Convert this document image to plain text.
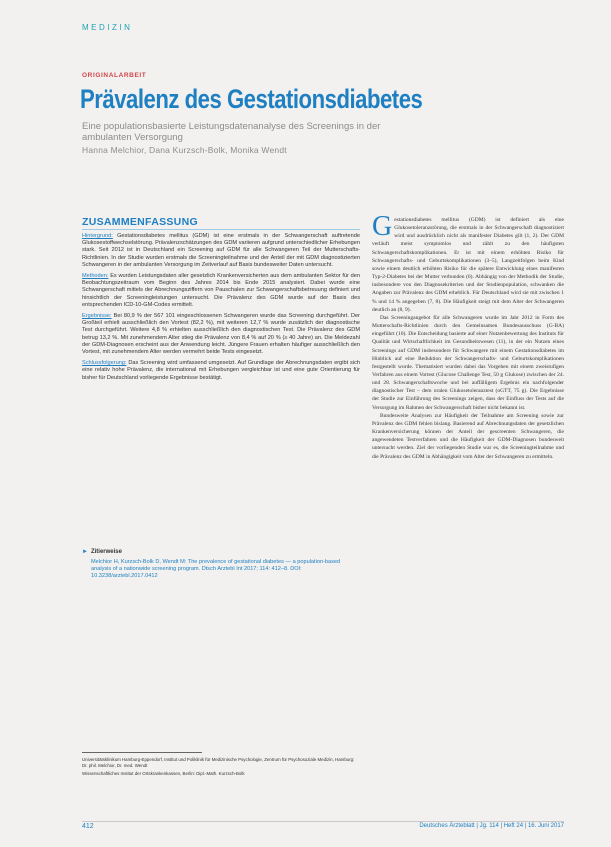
MEDIZIN
ORIGINALARBEIT
Prävalenz des Gestationsdiabetes
Eine populationsbasierte Leistungsdatenanalyse des Screenings in der ambulanten Versorgung
Hanna Melchior, Dana Kurzsch-Bolk, Monika Wendt
ZUSAMMENFASSUNG

Hintergrund: Gestationsdiabetes mellitus (GDM) ist eine erstmals in der Schwangerschaft auftretende Glukosestoffwechselstörung. Prävalenzschätzungen des GDM variieren aufgrund unterschiedlicher Erhebungen stark. Seit 2012 ist in Deutschland ein Screening auf GDM für alle Schwangeren Teil der Mutterschafts-Richtlinien. In der Studie wurden erstmals die Screeningteilnahme und der Anteil der mit GDM diagnostizierten Schwangeren in der ambulanten Versorgung im Zeitverlauf auf Basis bundesweiter Daten untersucht.

Methoden: Es wurden Leistungsdaten aller gesetzlich Krankenversicherten aus dem ambulanten Sektor für den Beobachtungszeitraum vom Beginn des Jahres 2014 bis Ende 2015 analysiert. Dabei wurde eine Schwangerschaft mittels der Abrechnungsziffern von Pauschalen zur Schwangerschaftsbetreuung definiert und hinsichtlich der Screeningleistungen untersucht. Die Prävalenz des GDM wurde auf der Basis des entsprechenden ICD-10-GM-Codes ermittelt.

Ergebnisse: Bei 80,9 % der 567 101 eingeschlossenen Schwangeren wurde das Screening durchgeführt. Der Großteil erhielt ausschließlich den Vortest (82,2 %), mit weiteren 12,7 % wurde zusätzlich der diagnostische Test durchgeführt. Weitere 4,8 % erhielten ausschließlich den diagnostischen Test. Die Prävalenz des GDM betrug 13,2 %. Mit zunehmendem Alter stieg die Prävalenz von 8,4 % auf 20 % (≥ 40 Jahre) an. Die Meldezahl der GDM-Diagnosen erscheint aus der Anwendung leicht. Jüngere Frauen erhalten häufiger ausschließlich den Vortest, mit zunehmendem Alter werden vermehrt beide Tests eingesetzt.

Schlussfolgerung: Das Screening wird umfassend umgesetzt. Auf Grundlage der Abrechnungsdaten ergibt sich eine relativ hohe Prävalenz, die international mit Erhebungen vergleichbar ist und eine gute Orientierung für bisher für Deutschland vorliegende Ergebnisse bestätigt.

► Zitierweise
Melchior H, Kurzsch-Bolk D, Wendt M: The prevalence of gestational diabetes — a population-based analysis of a nationwide screening program. Dtsch Arztebl Int 2017; 114: 412–8. DOI: 10.3238/arztebl.2017.0412

Universitätsklinikum Hamburg-Eppendorf, Institut und Poliklinik für Medizinische Psychologie, Zentrum für Psychosoziale Medizin, Hamburg: Dr. phil. Melchior, Dr. med. Wendt

Wissenschaftliches Institut der Ortskrankenkassen, Berlin: Dipl.-Math. Kurzsch-Bolk

Gestationsdiabetes mellitus (GDM) ist definiert als eine Glukosetoleranzstörung, die erstmals in der Schwangerschaft diagnostiziert wird und ausdrücklich nicht als manifester Diabetes gilt (1, 2). Der GDM verläuft meist symptomlos und zählt zu den häufigsten Schwangerschaftskomplikationen. Er ist mit einem erhöhten Risiko für Schwangerschafts- und Geburtskomplikationen (3–5), Langzeitfolgen beim Kind sowie einem deutlich erhöhten Risiko für die spätere Entwicklung eines manifesten Typ-2-Diabetes bei der Mutter verbunden (6). Abhängig von der Methodik der Studie, insbesondere von den Diagnosekriterien und der Studienpopulation, schwanken die Angaben zur Prävalenz des GDM erheblich. Für Deutschland wird sie mit zwischen 1 % und 14 % angegeben (7, 8). Die Häufigkeit steigt mit dem Alter der Schwangeren deutlich an (8, 9).

Das Screeningangebot für alle Schwangeren wurde im Jahr 2012 in Form des Mutterschafts-Richtlinien durch den Gemeinsamen Bundesausschuss (G-BA) eingeführt (10). Die Entscheidung basierte auf einer Nutzenbewertung des Instituts für Qualität und Wirtschaftlichkeit im Gesundheitswesen (11), in der ein Nutzen eines Screenings auf GDM insbesondere für Schwangere mit einem Gestationsdiabetes im Hinblick auf eine Reduktion der Schwangerschafts- und Geburtskomplikationen festgestellt wurde. Thematisiert wurden dabei das Vorgehen mit einem zweistufigen Verfahren aus einem Vortest (Glucose Challenge Test, 50 g Glukose) zwischen der 24. und 28. Schwangerschaftswoche und bei auffälligem Ergebnis ein nachfolgender diagnostischer Test – dem oralen Glukosetoleranztest (oGTT, 75 g). Die Ergebnisse der Studie zur Einführung des Screenings zeigen, dass der Einfluss der Tests auf die Versorgung im Rahmen der Schwangerschaft bisher nicht bekannt ist.

Bundesweite Analysen zur Häufigkeit der Teilnahme am Screening sowie zur Prävalenz des GDM fehlen bislang. Basierend auf Abrechnungsdaten der gesetzlichen Krankenversicherung können der Anteil der gescreenten Schwangeren, die angewendeten Testverfahren und die Häufigkeit der GDM-Diagnosen bundesweit untersucht werden. Ziel der vorliegenden Studie war es, die Screeningteilnahme und die Prävalenz des GDM in Abhängigkeit vom Alter der Schwangeren zu ermitteln.

412	Deutsches Ärzteblatt | Jg. 114 | Heft 24 | 16. Juni 2017
